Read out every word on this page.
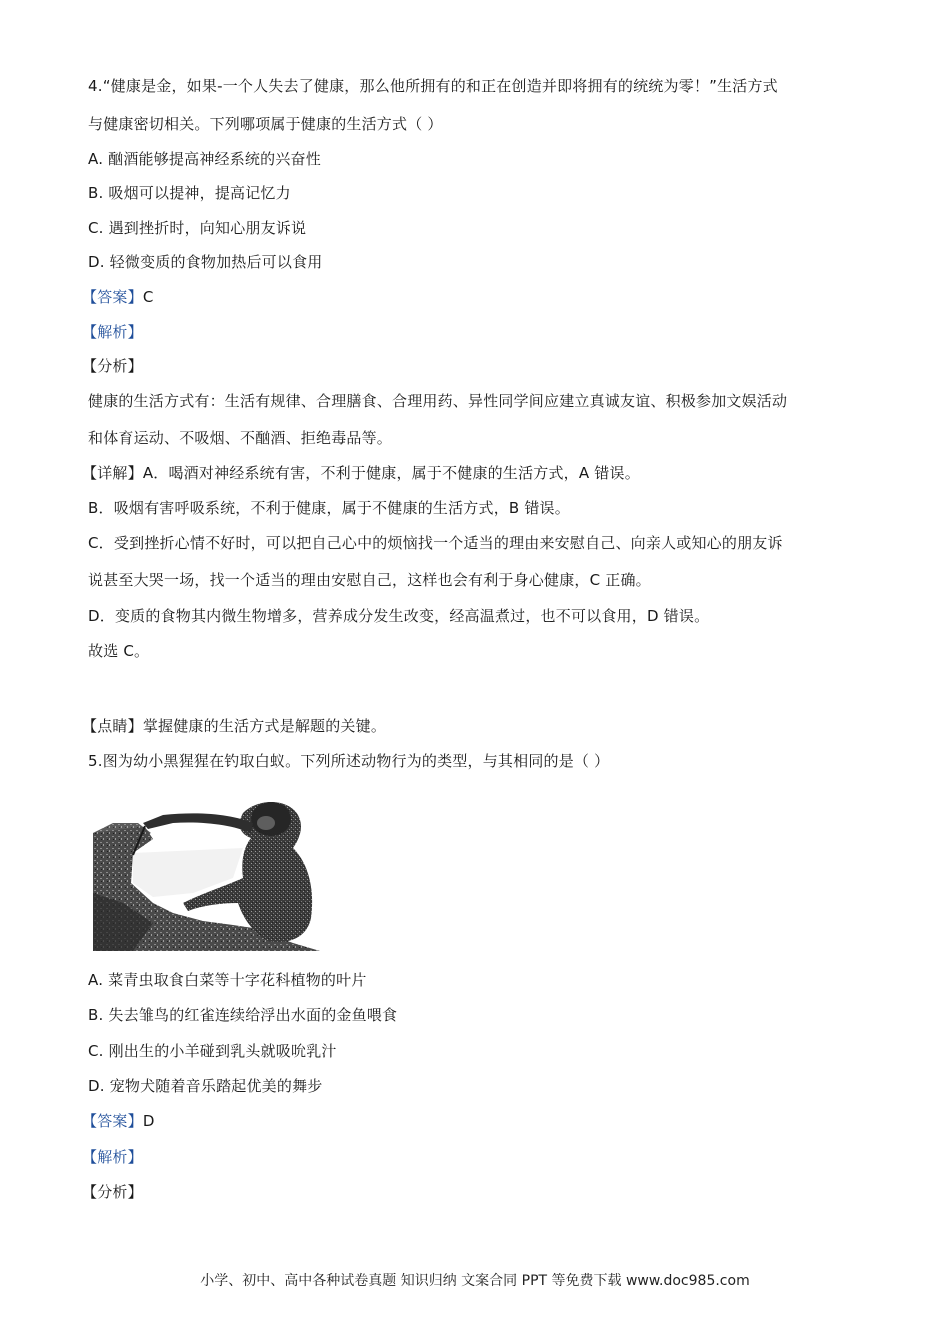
4.“健康是金，如果-一个人失去了健康，那么他所拥有的和正在创造并即将拥有的统统为零！”生活方式
与健康密切相关。下列哪项属于健康的生活方式（ ）
A. 酗酒能够提高神经系统的兴奋性
B. 吸烟可以提神，提高记忆力
C. 遇到挫折时，向知心朋友诉说
D. 轻微变质的食物加热后可以食用
【答案】C
【解析】
【分析】
健康的生活方式有：生活有规律、合理膳食、合理用药、异性同学间应建立真诚友谊、积极参加文娱活动
和体育运动、不吸烟、不酗酒、拒绝毒品等。
【详解】A．喝酒对神经系统有害，不利于健康，属于不健康的生活方式，A 错误。
B．吸烟有害呼吸系统，不利于健康，属于不健康的生活方式，B 错误。
C．受到挫折心情不好时，可以把自己心中的烦恼找一个适当的理由来安慰自己、向亲人或知心的朋友诉
说甚至大哭一场，找一个适当的理由安慰自己，这样也会有利于身心健康，C 正确。
D．变质的食物其内微生物增多，营养成分发生改变，经高温煮过，也不可以食用，D 错误。
故选 C。
【点睛】掌握健康的生活方式是解题的关键。
5.图为幼小黑猩猩在钓取白蚁。下列所述动物行为的类型，与其相同的是（ ）
A. 菜青虫取食白菜等十字花科植物的叶片
B. 失去雏鸟的红雀连续给浮出水面的金鱼喂食
C. 刚出生的小羊碰到乳头就吸吮乳汁
D. 宠物犬随着音乐踏起优美的舞步
【答案】D
【解析】
【分析】
小学、初中、高中各种试卷真题 知识归纳 文案合同 PPT 等免费下载 www.doc985.com
